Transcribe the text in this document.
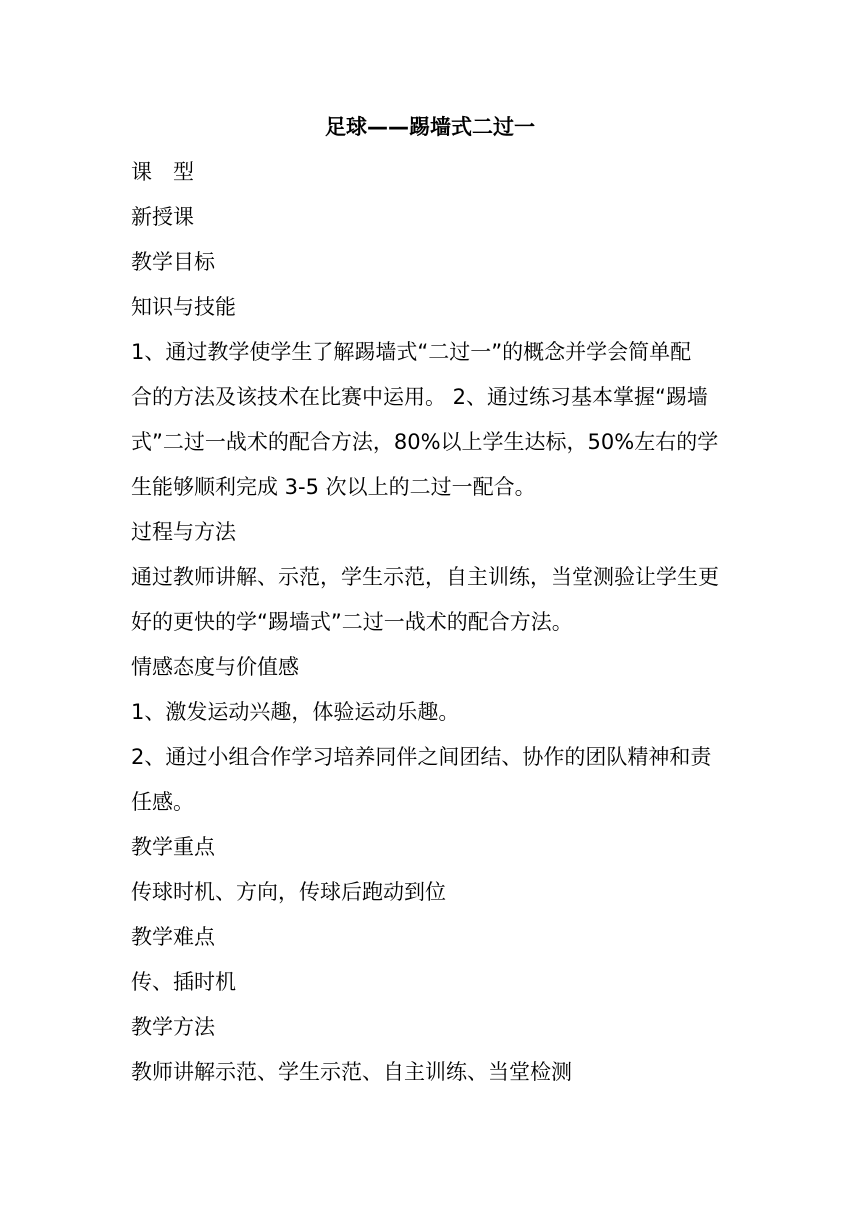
足球——踢墙式二过一
课　型
新授课
教学目标
知识与技能
1、通过教学使学生了解踢墙式“二过一”的概念并学会简单配
合的方法及该技术在比赛中运用。 2、通过练习基本掌握“踢墙
式”二过一战术的配合方法，80%以上学生达标，50%左右的学
生能够顺利完成 3-5 次以上的二过一配合。
过程与方法
通过教师讲解、示范，学生示范，自主训练，当堂测验让学生更
好的更快的学“踢墙式”二过一战术的配合方法。
情感态度与价值感
1、激发运动兴趣，体验运动乐趣。
2、通过小组合作学习培养同伴之间团结、协作的团队精神和责
任感。
教学重点
传球时机、方向，传球后跑动到位
教学难点
传、插时机
教学方法
教师讲解示范、学生示范、自主训练、当堂检测
